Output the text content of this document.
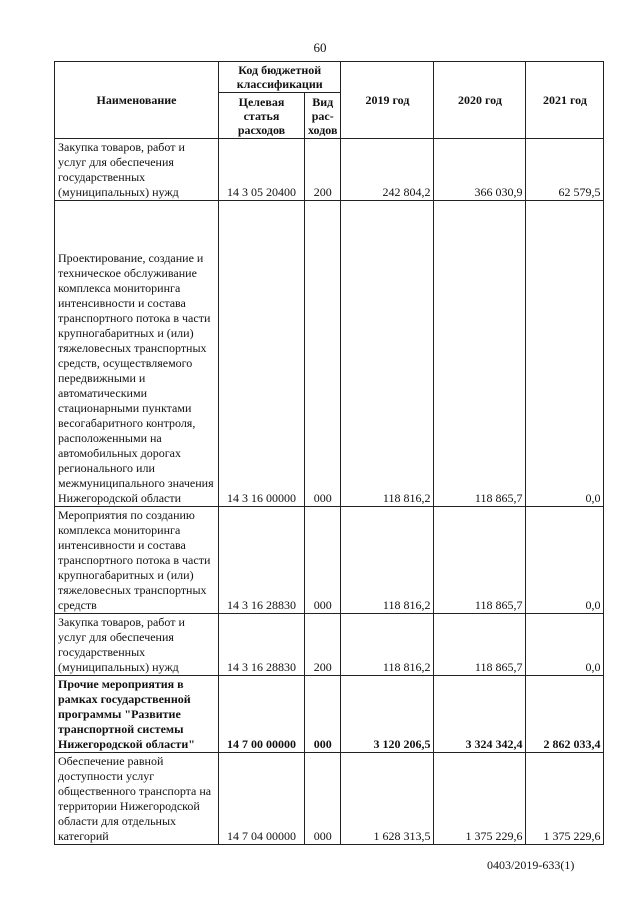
60
Наименование	Код бюджетной классификации		2019 год	2020 год	2021 год
	Целевая статья расходов	Вид рас-ходов			
Закупка товаров, работ и услуг для обеспечения государственных (муниципальных) нужд	14 3 05 20400	200	242 804,2	366 030,9	62 579,5
Проектирование, создание и техническое обслуживание комплекса мониторинга интенсивности и состава транспортного потока в части крупногабаритных и (или) тяжеловесных транспортных средств, осуществляемого передвижными и автоматическими стационарными пунктами весогабаритного контроля, расположенными на автомобильных дорогах регионального или межмуниципального значения Нижегородской области	14 3 16 00000	000	118 816,2	118 865,7	0,0
Мероприятия по созданию комплекса мониторинга интенсивности и состава транспортного потока в части крупногабаритных и (или) тяжеловесных транспортных средств	14 3 16 28830	000	118 816,2	118 865,7	0,0
Закупка товаров, работ и услуг для обеспечения государственных (муниципальных) нужд	14 3 16 28830	200	118 816,2	118 865,7	0,0
Прочие мероприятия в рамках государственной программы "Развитие транспортной системы Нижегородской области"	14 7 00 00000	000	3 120 206,5	3 324 342,4	2 862 033,4
Обеспечение равной доступности услуг общественного транспорта на территории Нижегородской области для отдельных категорий	14 7 04 00000	000	1 628 313,5	1 375 229,6	1 375 229,6
0403/2019-633(1)
